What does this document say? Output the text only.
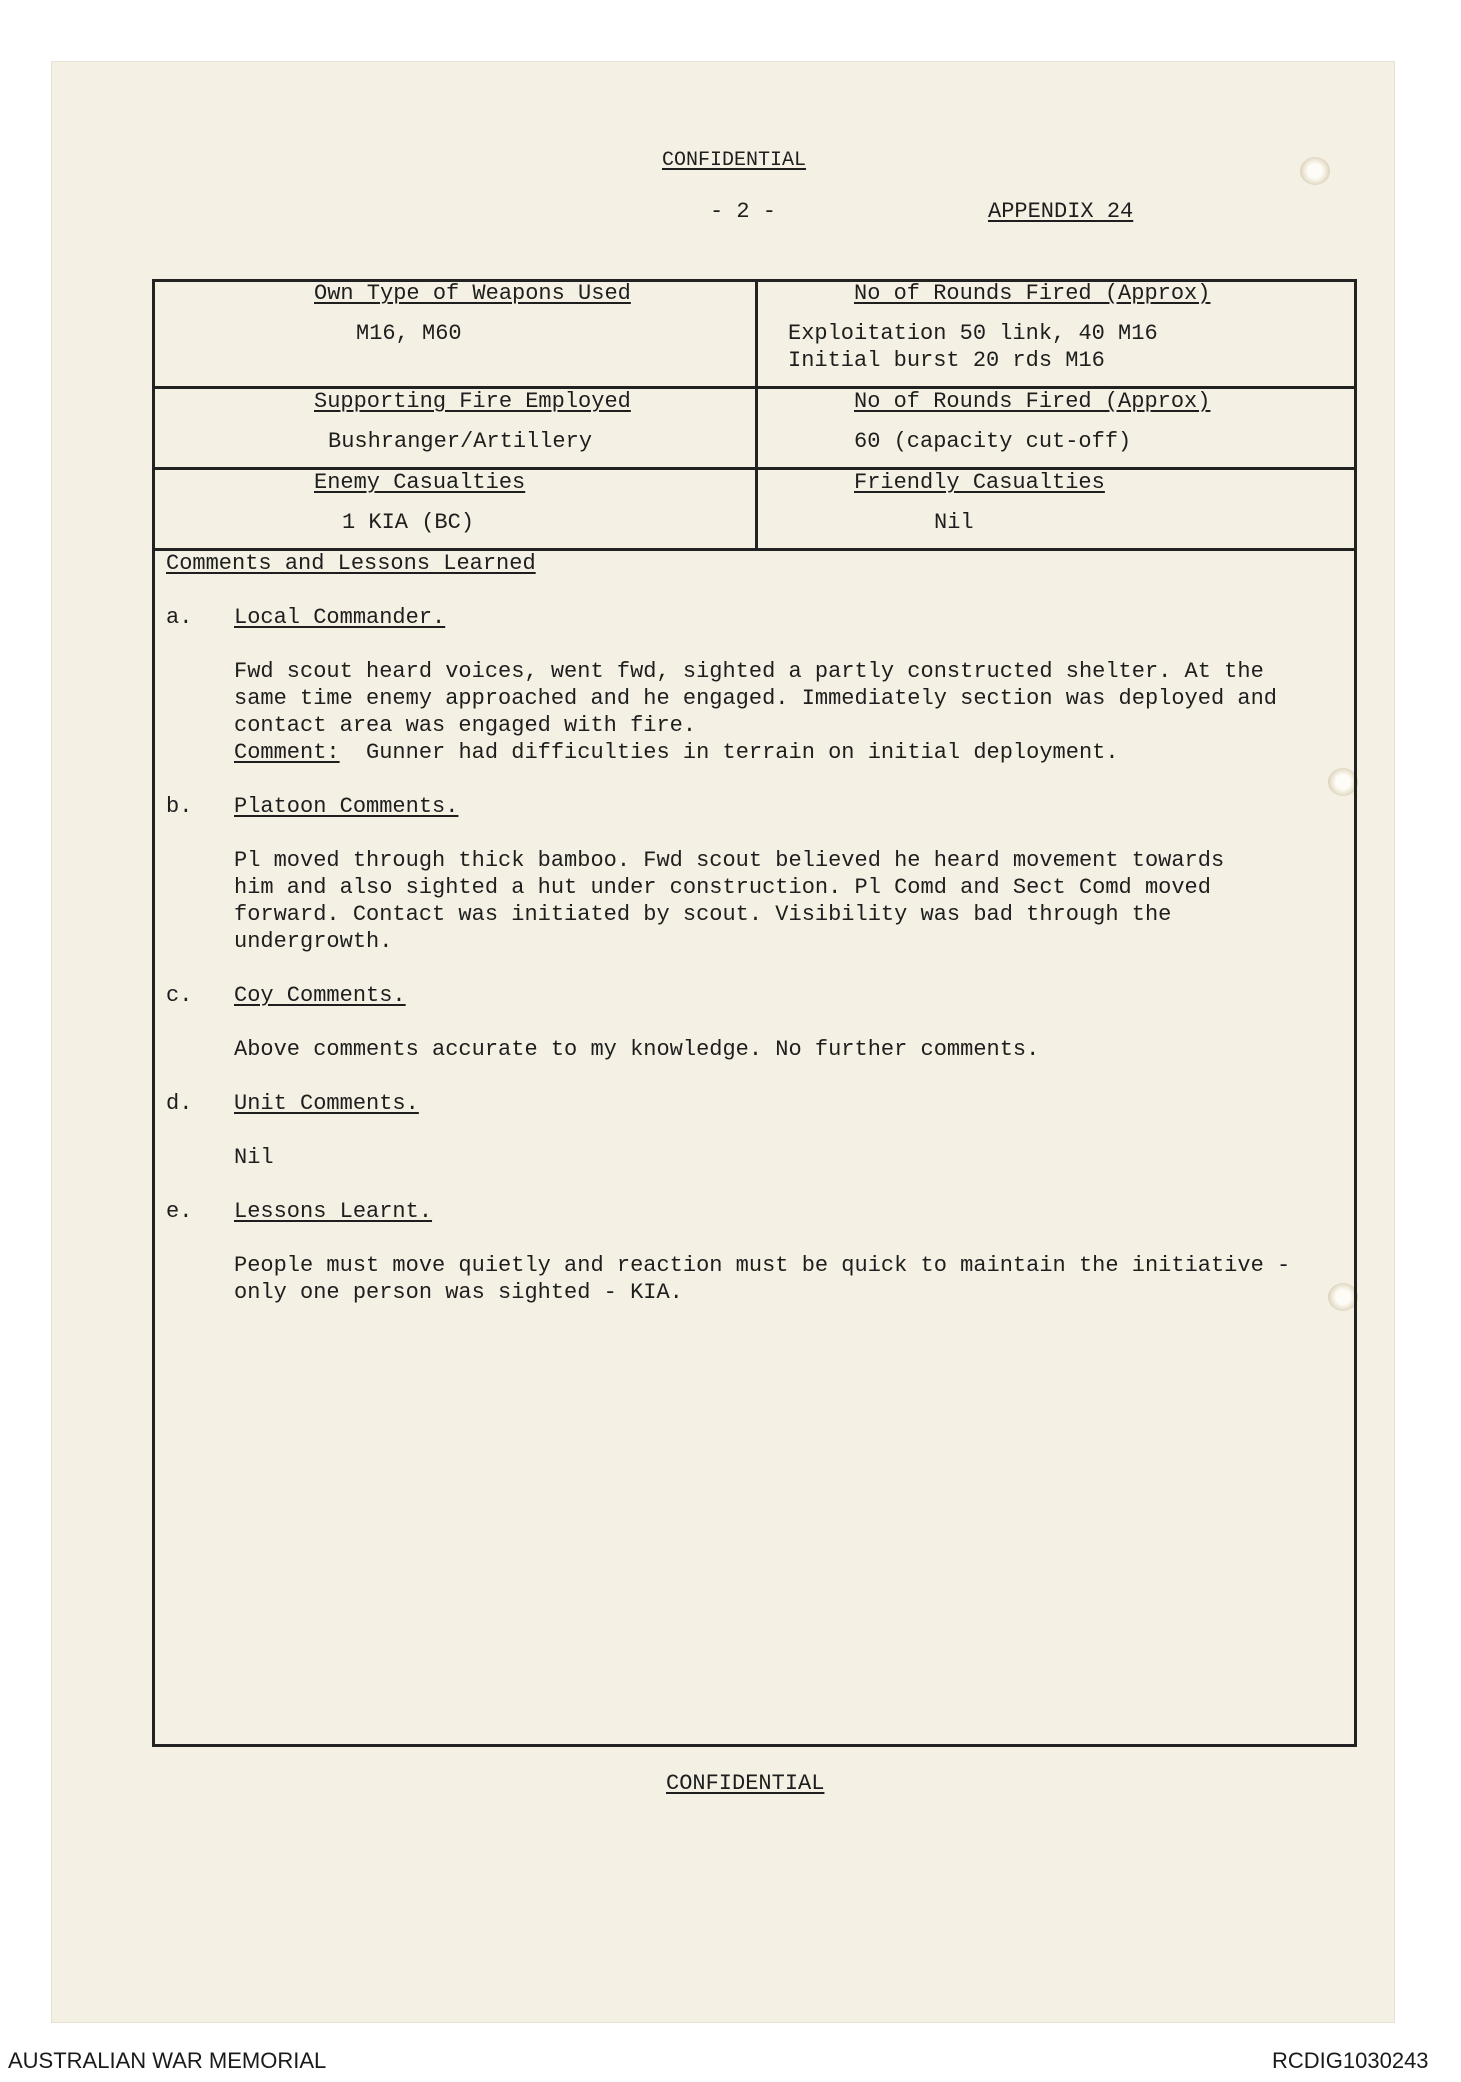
CONFIDENTIAL
- 2 -	APPENDIX 24
Own Type of Weapons Used
M16, M60
No of Rounds Fired (Approx)
Exploitation 50 link, 40 M16
Initial burst 20 rds M16
Supporting Fire Employed
Bushranger/Artillery
No of Rounds Fired (Approx)
60 (capacity cut-off)
Enemy Casualties
1 KIA (BC)
Friendly Casualties
Nil
Comments and Lessons Learned
a. Local Commander.
Fwd scout heard voices, went fwd, sighted a partly constructed shelter. At the
same time enemy approached and he engaged. Immediately section was deployed and
contact area was engaged with fire.
Comment:  Gunner had difficulties in terrain on initial deployment.
b. Platoon Comments.
Pl moved through thick bamboo. Fwd scout believed he heard movement towards
him and also sighted a hut under construction. Pl Comd and Sect Comd moved
forward. Contact was initiated by scout. Visibility was bad through the
undergrowth.
c. Coy Comments.
Above comments accurate to my knowledge. No further comments.
d. Unit Comments.
Nil
e. Lessons Learnt.
People must move quietly and reaction must be quick to maintain the initiative -
only one person was sighted - KIA.
CONFIDENTIAL
AUSTRALIAN WAR MEMORIAL	RCDIG1030243
